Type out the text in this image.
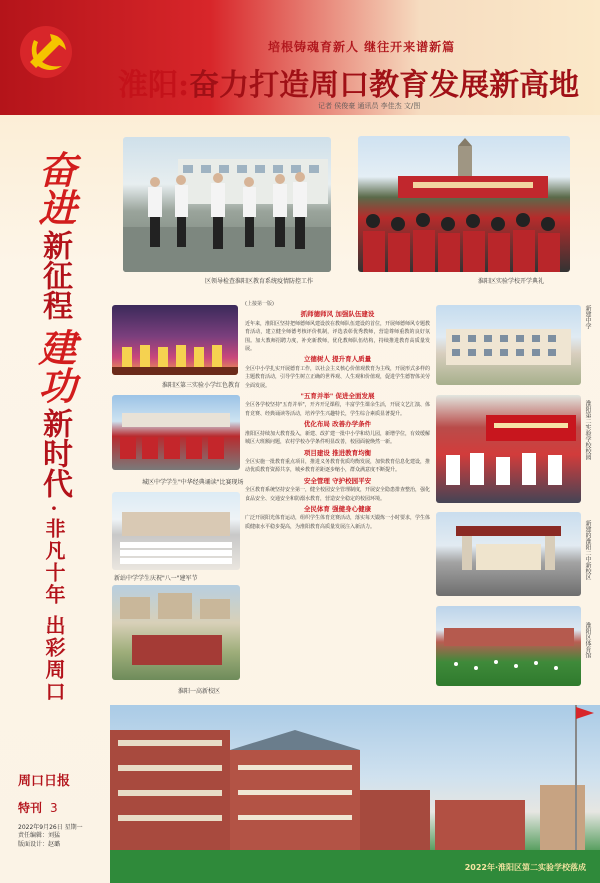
培根铸魂育新人 继往开来谱新篇
淮阳:奋力打造周口教育发展新高地
记者 侯俊豪 通讯员 李佳杰 文/图
奋进
新征程
建功
新时代
·
非凡十年 出彩周口
区领导检查淮阳区教育系统疫情防控工作	淮阳区实验学校开学典礼
淮阳区第三实验小学红色教育
城区中学学生"中华经典诵读"比赛现场
新站中学学生庆祝"八一"建军节
淮阳一高新校区
(上接第一版)
抓师德师风 加强队伍建设

近年来，淮阳区坚持把师德师风建设放在教师队伍建设的首位，开展师德师风专题教育活动，建立健全师德考核评价机制，评选表彰优秀教师，营造尊师重教的良好氛围。加大教师招聘力度，补充新教师，优化教师队伍结构，持续推进教育高质量发展。

立德树人 提升育人质量

全区中小学扎实开展德育工作，以社会主义核心价值观教育为主线，开展形式多样的主题教育活动，引导学生树立正确的世界观、人生观和价值观，促进学生德智体美劳全面发展。

"五育并举" 促进全面发展

全区各学校坚持"五育并举"，开齐开足课程，丰富学生课余生活，开展文艺汇演、体育竞赛、经典诵读等活动，培养学生兴趣特长，学生综合素质显著提升。

优化布局 改善办学条件

淮阳区持续加大教育投入，新建、改扩建一批中小学和幼儿园，新增学位，有效缓解城区大班额问题，农村学校办学条件明显改善，校园面貌焕然一新。

项目建设 推进教育均衡

全区实施一批教育重点项目，推进义务教育优质均衡发展，加快教育信息化建设，推动优质教育资源共享，城乡教育差距逐步缩小，群众满意度不断提升。

安全管理 守护校园平安

全区教育系统坚持安全第一，健全校园安全管理制度，开展安全隐患排查整治，强化食品安全、交通安全和防溺水教育，营造安全稳定的校园环境。

全民体育 强健身心健康

广泛开展阳光体育运动，组织学生体育竞赛活动，落实每天锻炼一小时要求，学生体质健康水平稳步提高，为淮阳教育高质量发展注入新活力。

新建中学
淮阳第二实验学校校园
新建的淮阳二中新校区
淮阳区体育馆
2022年·淮阳区第二实验学校落成
周口日报
特刊 3
2022年9月26日 星期一
责任编辑：刘猛
版面设计：赵璐
